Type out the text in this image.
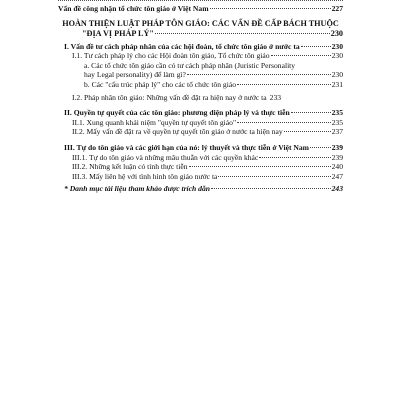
Vấn đề công nhận tổ chức tôn giáo ở Việt Nam	227
HOÀN THIỆN LUẬT PHÁP TÔN GIÁO: CÁC VẤN ĐỀ CẤP BÁCH THUỘC
"ĐỊA VỊ PHÁP LÝ"	230
I. Vấn đề tư cách pháp nhân của các hội đoàn, tổ chức tôn giáo ở nước ta	230
I.1. Tư cách pháp lý cho các Hội đoàn tôn giáo, Tổ chức tôn giáo	230
a. Các tổ chức tôn giáo cần có tư cách pháp nhân (Juristic Personality
hay Legal personality) để làm gì?	230
b. Các "cấu trúc pháp lý" cho các tổ chức tôn giáo	231
I.2. Pháp nhân tôn giáo: Những vấn đề đặt ra hiện nay ở nước ta 233
II. Quyền tự quyết của các tôn giáo: phương diện pháp lý và thực tiễn	235
II.1. Xung quanh khái niệm "quyền tự quyết tôn giáo"	235
II.2. Mấy vấn đề đặt ra về quyền tự quyết tôn giáo ở nước ta hiện nay	237
III. Tự do tôn giáo và các giới hạn của nó: lý thuyết và thực tiễn ở Việt Nam	239
III.1. Tự do tôn giáo và những mâu thuẫn với các quyền khác	239
III.2. Những kết luận có tính thực tiễn	240
III.3. Mấy liên hệ với tình hình tôn giáo nước ta	247
* Danh mục tài liệu tham khảo được trích dẫn	243
